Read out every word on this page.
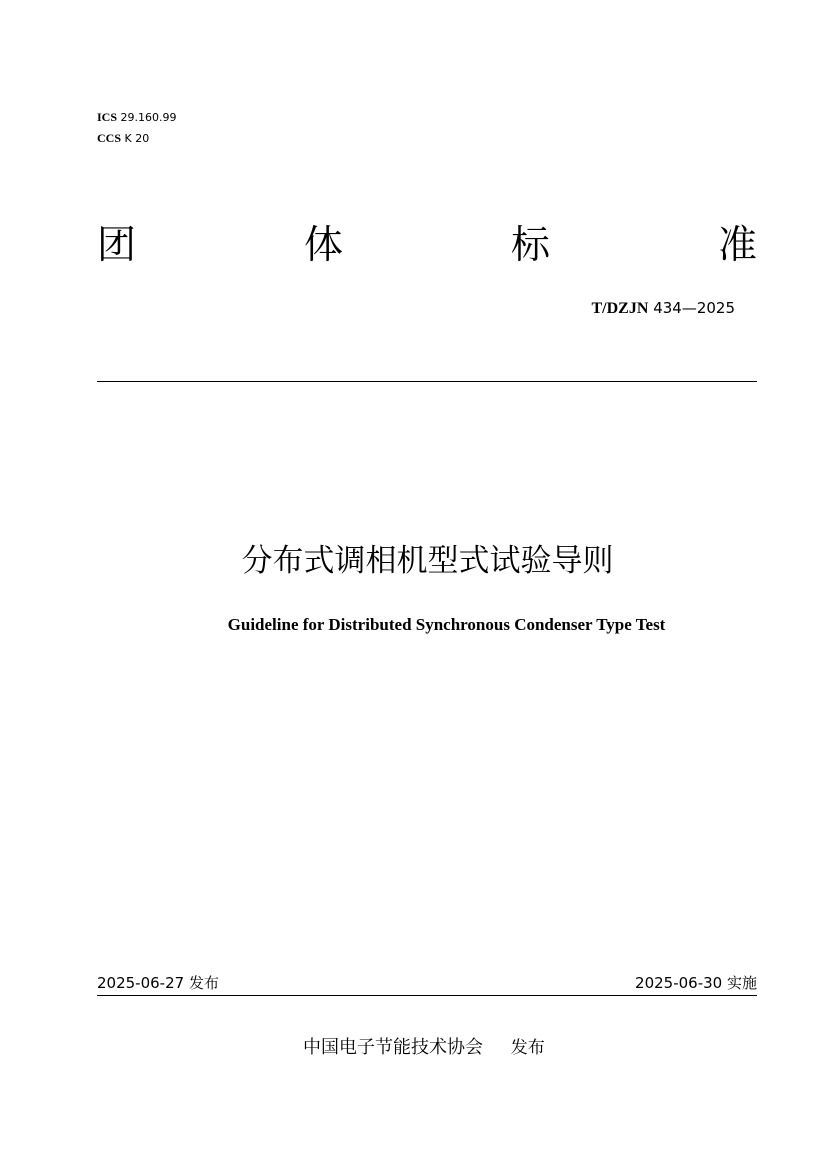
ICS 29.160.99
CCS K 20
团	体	标	准
T/DZJN 434—2025
分布式调相机型式试验导则
Guideline for Distributed Synchronous Condenser Type Test
2025-06-27 发布	2025-06-30 实施
中国电子节能技术协会 发布
